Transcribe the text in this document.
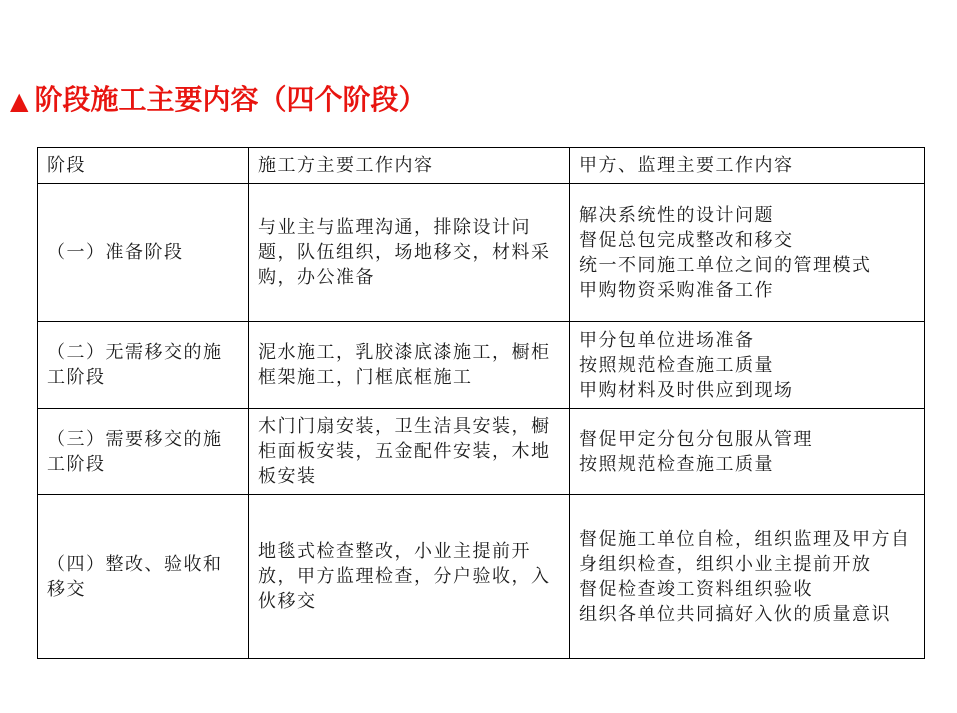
▲ 阶段施工主要内容（四个阶段）
阶段	施工方主要工作内容	甲方、监理主要工作内容
（一）准备阶段	与业主与监理沟通，排除设计问题，队伍组织，场地移交，材料采购，办公准备	解决系统性的设计问题
督促总包完成整改和移交
统一不同施工单位之间的管理模式
甲购物资采购准备工作

（二）无需移交的施工阶段	泥水施工，乳胶漆底漆施工，橱柜框架施工，门框底框施工	甲分包单位进场准备
按照规范检查施工质量
甲购材料及时供应到现场

（三）需要移交的施工阶段	木门门扇安装，卫生洁具安装，橱柜面板安装，五金配件安装，木地板安装	督促甲定分包分包服从管理
按照规范检查施工质量

（四）整改、验收和移交	地毯式检查整改，小业主提前开放，甲方监理检查，分户验收，入伙移交	督促施工单位自检，组织监理及甲方自身组织检查，组织小业主提前开放
督促检查竣工资料组织验收
组织各单位共同搞好入伙的质量意识
